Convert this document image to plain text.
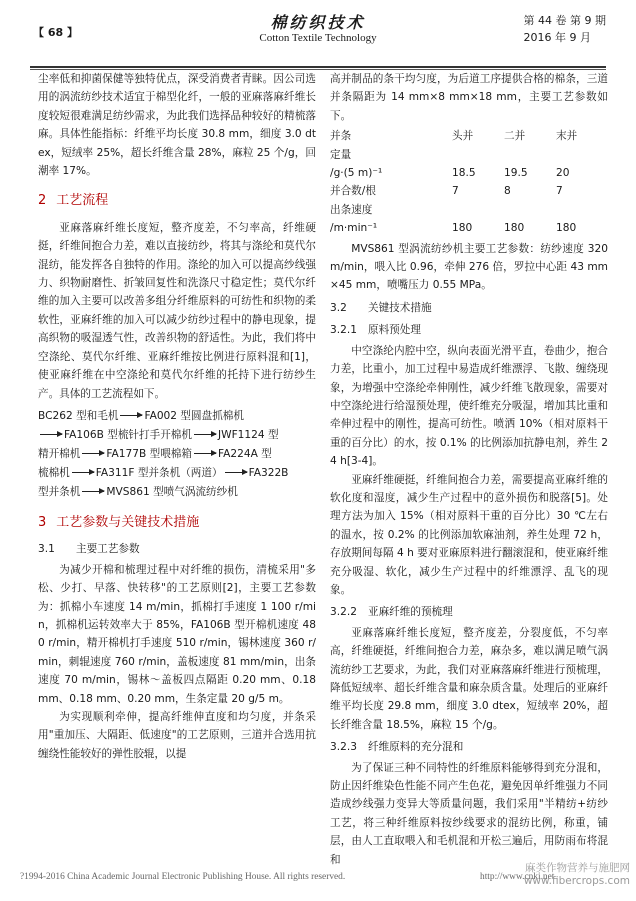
【 68 】
棉纺织技术
Cotton Textile Technology
第 44 卷 第 9 期
2016 年 9 月

尘率低和抑菌保健等独特优点，深受消费者青睐。因公司选用的涡流纺纱技术适宜于棉型化纤，一般的亚麻落麻纤维长度较短很难满足纺纱需求，为此我们选择品种较好的精梳落麻。具体性能指标：纤维平均长度 30.8 mm，细度 3.0 dtex，短绒率 25%，超长纤维含量 28%，麻粒 25 个/g，回潮率 17%。

2 工艺流程

亚麻落麻纤维长度短，整齐度差，不匀率高，纤维硬挺，纤维间抱合力差，难以直接纺纱，将其与涤纶和莫代尔混纺，能发挥各自独特的作用。涤纶的加入可以提高纱线强力、织物耐磨性、折皱回复性和洗涤尺寸稳定性；莫代尔纤维的加入主要可以改善多组分纤维原料的可纺性和织物的柔软性，亚麻纤维的加入可以减少纺纱过程中的静电现象，提高织物的吸湿透气性，改善织物的舒适性。为此，我们将中空涤纶、莫代尔纤维、亚麻纤维按比例进行原料混和[1]，使亚麻纤维在中空涤纶和莫代尔纤维的托持下进行纺纱生产。具体的工艺流程如下。

BC262 型和毛机 FA002 型圆盘抓棉机
FA106B 型梳针打手开棉机 JWF1124 型
精开棉机 FA177B 型喂棉箱 FA224A 型
梳棉机 FA311F 型并条机（两道） FA322B
型并条机 MVS861 型喷气涡流纺纱机
3 工艺参数与关键技术措施
3.1 主要工艺参数

为减少开棉和梳理过程中对纤维的损伤，清梳采用"多松、少打、早落、快转移"的工艺原则[2]，主要工艺参数为：抓棉小车速度 14 m/min，抓棉打手速度 1 100 r/min，抓棉机运转效率大于 85%，FA106B 型开棉机速度 480 r/min，精开棉机打手速度 510 r/min，锡林速度 360 r/min，刺辊速度 760 r/min，盖板速度 81 mm/min，出条速度 70 m/min，锡林～盖板四点隔距 0.20 mm、0.18 mm、0.18 mm、0.20 mm，生条定量 20 g/5 m。

为实现顺利牵伸，提高纤维伸直度和均匀度，并条采用"重加压、大隔距、低速度"的工艺原则，三道并合选用抗缠绕性能较好的弹性胶辊，以提

高并制品的条干均匀度，为后道工序提供合格的棉条，三道并条隔距为 14 mm×8 mm×18 mm，主要工艺参数如下。

并条	头并	二并	末并
定量			
/g·(5 m)⁻¹	18.5	19.5	20
并合数/根	7	8	7
出条速度			
/m·min⁻¹	180	180	180

MVS861 型涡流纺纱机主要工艺参数：纺纱速度 320 m/min，喂入比 0.96，牵伸 276 倍，罗拉中心距 43 mm×45 mm，喷嘴压力 0.55 MPa。

3.2 关键技术措施
3.2.1 原料预处理

中空涤纶内腔中空，纵向表面光滑平直，卷曲少，抱合力差，比重小，加工过程中易造成纤维漂浮、飞散、缠绕现象，为增强中空涤纶牵伸刚性，减少纤维飞散现象，需要对中空涤纶进行给湿预处理，使纤维充分吸湿，增加其比重和牵伸过程中的刚性，提高可纺性。喷洒 10%（相对原料干重的百分比）的水，按 0.1% 的比例添加抗静电剂，养生 24 h[3-4]。

亚麻纤维硬挺，纤维间抱合力差，需要提高亚麻纤维的软化度和湿度，减少生产过程中的意外损伤和脱落[5]。处理方法为加入 15%（相对原料干重的百分比）30 ℃左右的温水，按 0.2% 的比例添加软麻油剂，养生处理 72 h，存放期间每隔 4 h 要对亚麻原料进行翻滚混和，使亚麻纤维充分吸湿、软化，减少生产过程中的纤维漂浮、乱飞的现象。

3.2.2 亚麻纤维的预梳理

亚麻落麻纤维长度短，整齐度差，分裂度低，不匀率高，纤维硬挺，纤维间抱合力差，麻杂多，难以满足喷气涡流纺纱工艺要求，为此，我们对亚麻落麻纤维进行预梳理，降低短绒率、超长纤维含量和麻杂质含量。处理后的亚麻纤维平均长度 29.8 mm，细度 3.0 dtex，短绒率 20%，超长纤维含量 18.5%，麻粒 15 个/g。

3.2.3 纤维原料的充分混和

为了保证三种不同特性的纤维原料能够得到充分混和，防止因纤维染色性能不同产生色花，避免因单纤维强力不同造成纱线强力变异大等质量问题，我们采用"半精纺+纺纱工艺，将三种纤维原料按纱线要求的混纺比例，称重，铺层，由人工直取喂入和毛机混和开松三遍后，用防雨布将混和

?1994-2016 China Academic Journal Electronic Publishing House. All rights reserved.	http://www.cnki.net
麻类作物营养与施肥网
www.fibercrops.com
